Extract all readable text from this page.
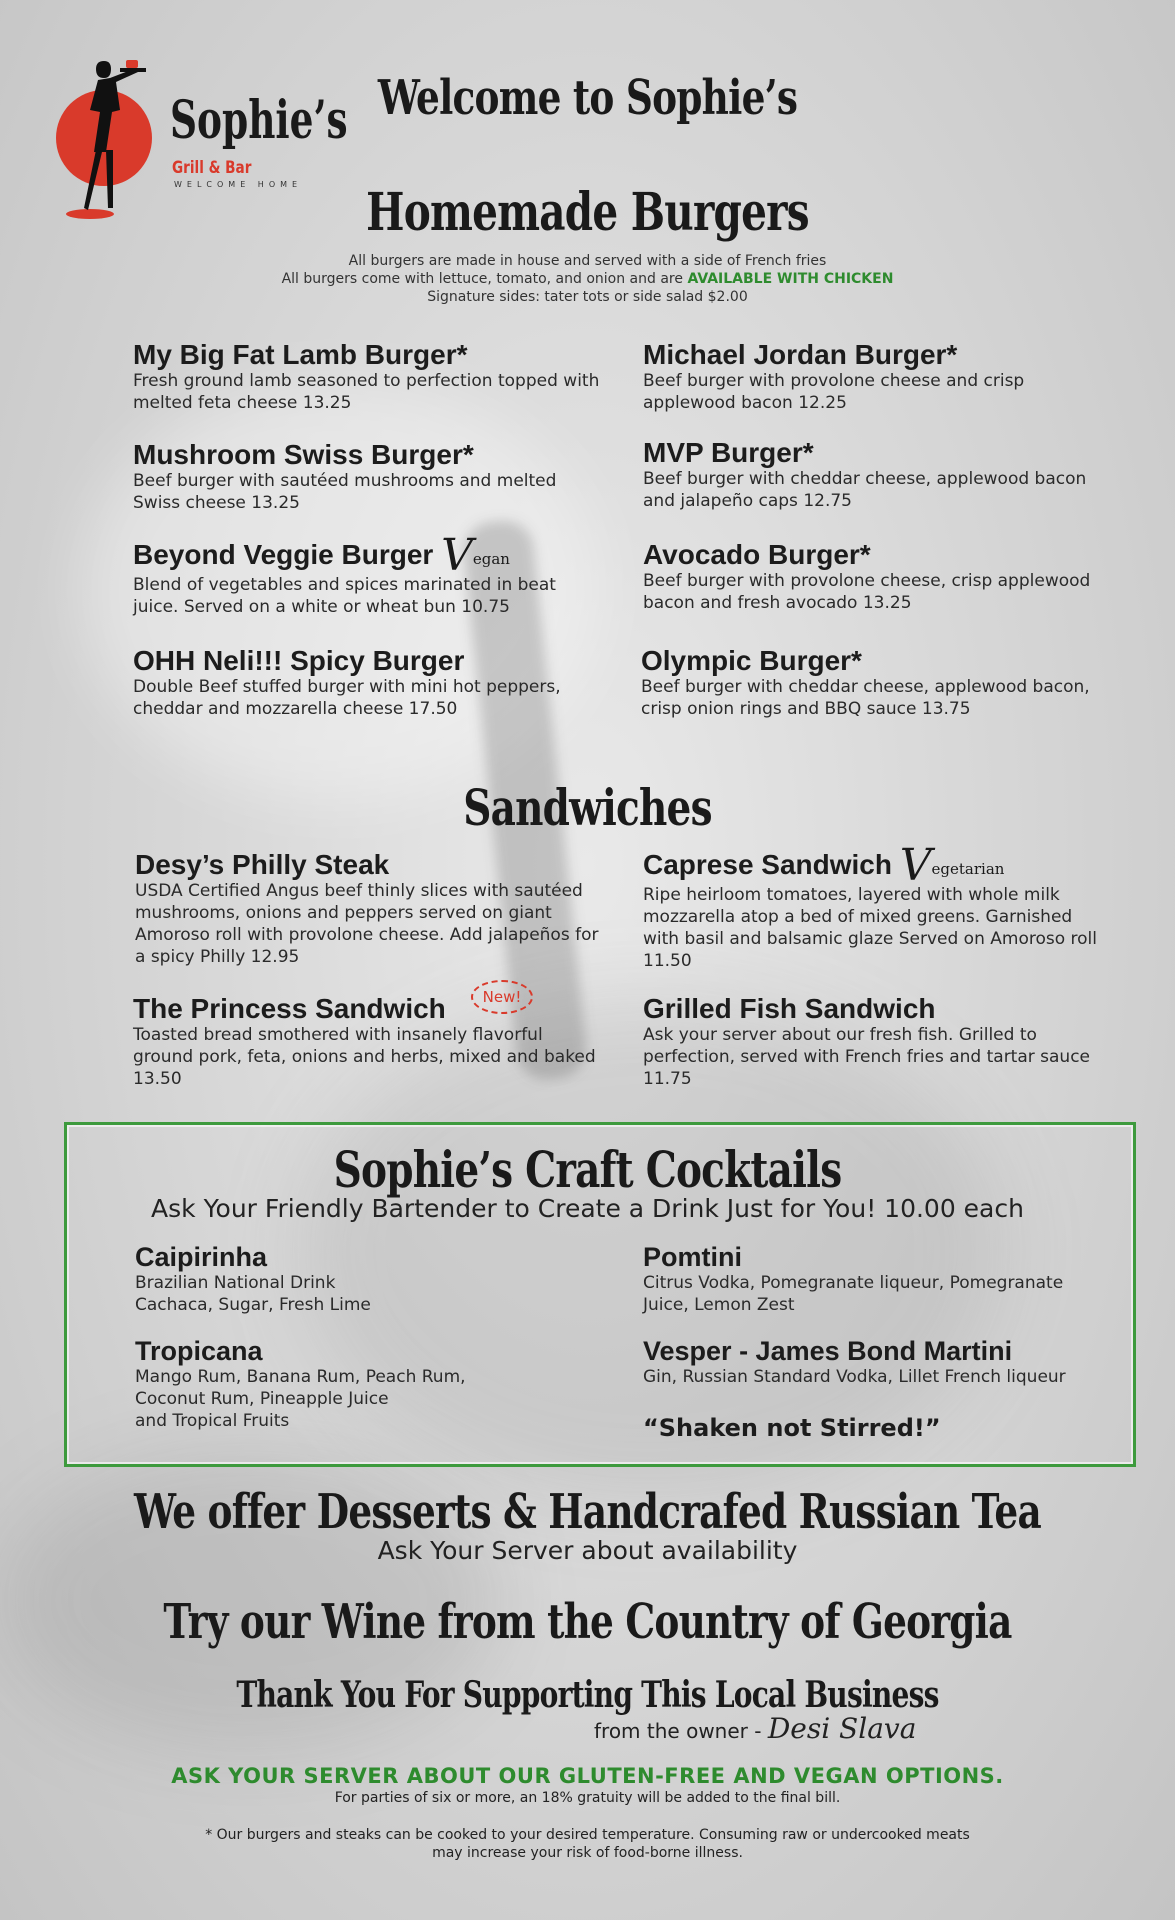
Sophie’s
Grill & Bar
WELCOME HOME
Welcome to Sophie’s
Homemade Burgers
All burgers are made in house and served with a side of French fries
All burgers come with lettuce, tomato, and onion and are AVAILABLE WITH CHICKEN
Signature sides: tater tots or side salad $2.00
My Big Fat Lamb Burger*
Fresh ground lamb seasoned to perfection topped with melted feta cheese 13.25
Mushroom Swiss Burger*
Beef burger with sautéed mushrooms and melted Swiss cheese 13.25
Beyond Veggie Burger Vegan
Blend of vegetables and spices marinated in beat juice. Served on a white or wheat bun 10.75
OHH Neli!!! Spicy Burger
Double Beef stuffed burger with mini hot peppers, cheddar and mozzarella cheese 17.50
Michael Jordan Burger*
Beef burger with provolone cheese and crisp applewood bacon 12.25
MVP Burger*
Beef burger with cheddar cheese, applewood bacon and jalapeño caps 12.75
Avocado Burger*
Beef burger with provolone cheese, crisp applewood bacon and fresh avocado 13.25
Olympic Burger*
Beef burger with cheddar cheese, applewood bacon, crisp onion rings and BBQ sauce 13.75
Sandwiches
Desy’s Philly Steak
USDA Certified Angus beef thinly slices with sautéed mushrooms, onions and peppers served on giant Amoroso roll with provolone cheese. Add jalapeños for a spicy Philly 12.95
The Princess Sandwich	New!
Toasted bread smothered with insanely flavorful ground pork, feta, onions and herbs, mixed and baked 13.50
Caprese Sandwich Vegetarian
Ripe heirloom tomatoes, layered with whole milk mozzarella atop a bed of mixed greens. Garnished with basil and balsamic glaze Served on Amoroso roll 11.50
Grilled Fish Sandwich
Ask your server about our fresh fish. Grilled to perfection, served with French fries and tartar sauce 11.75
Sophie’s Craft Cocktails
Ask Your Friendly Bartender to Create a Drink Just for You! 10.00 each
Caipirinha
Brazilian National Drink
Cachaca, Sugar, Fresh Lime
Tropicana
Mango Rum, Banana Rum, Peach Rum,
Coconut Rum, Pineapple Juice
and Tropical Fruits
Pomtini
Citrus Vodka, Pomegranate liqueur, Pomegranate
Juice, Lemon Zest
Vesper - James Bond Martini
Gin, Russian Standard Vodka, Lillet French liqueur
“Shaken not Stirred!”
We offer Desserts & Handcrafed Russian Tea
Ask Your Server about availability
Try our Wine from the Country of Georgia
Thank You For Supporting This Local Business
from the owner - Desi Slava
ASK YOUR SERVER ABOUT OUR GLUTEN-FREE AND VEGAN OPTIONS.
For parties of six or more, an 18% gratuity will be added to the final bill.
* Our burgers and steaks can be cooked to your desired temperature. Consuming raw or undercooked meats
may increase your risk of food-borne illness.
